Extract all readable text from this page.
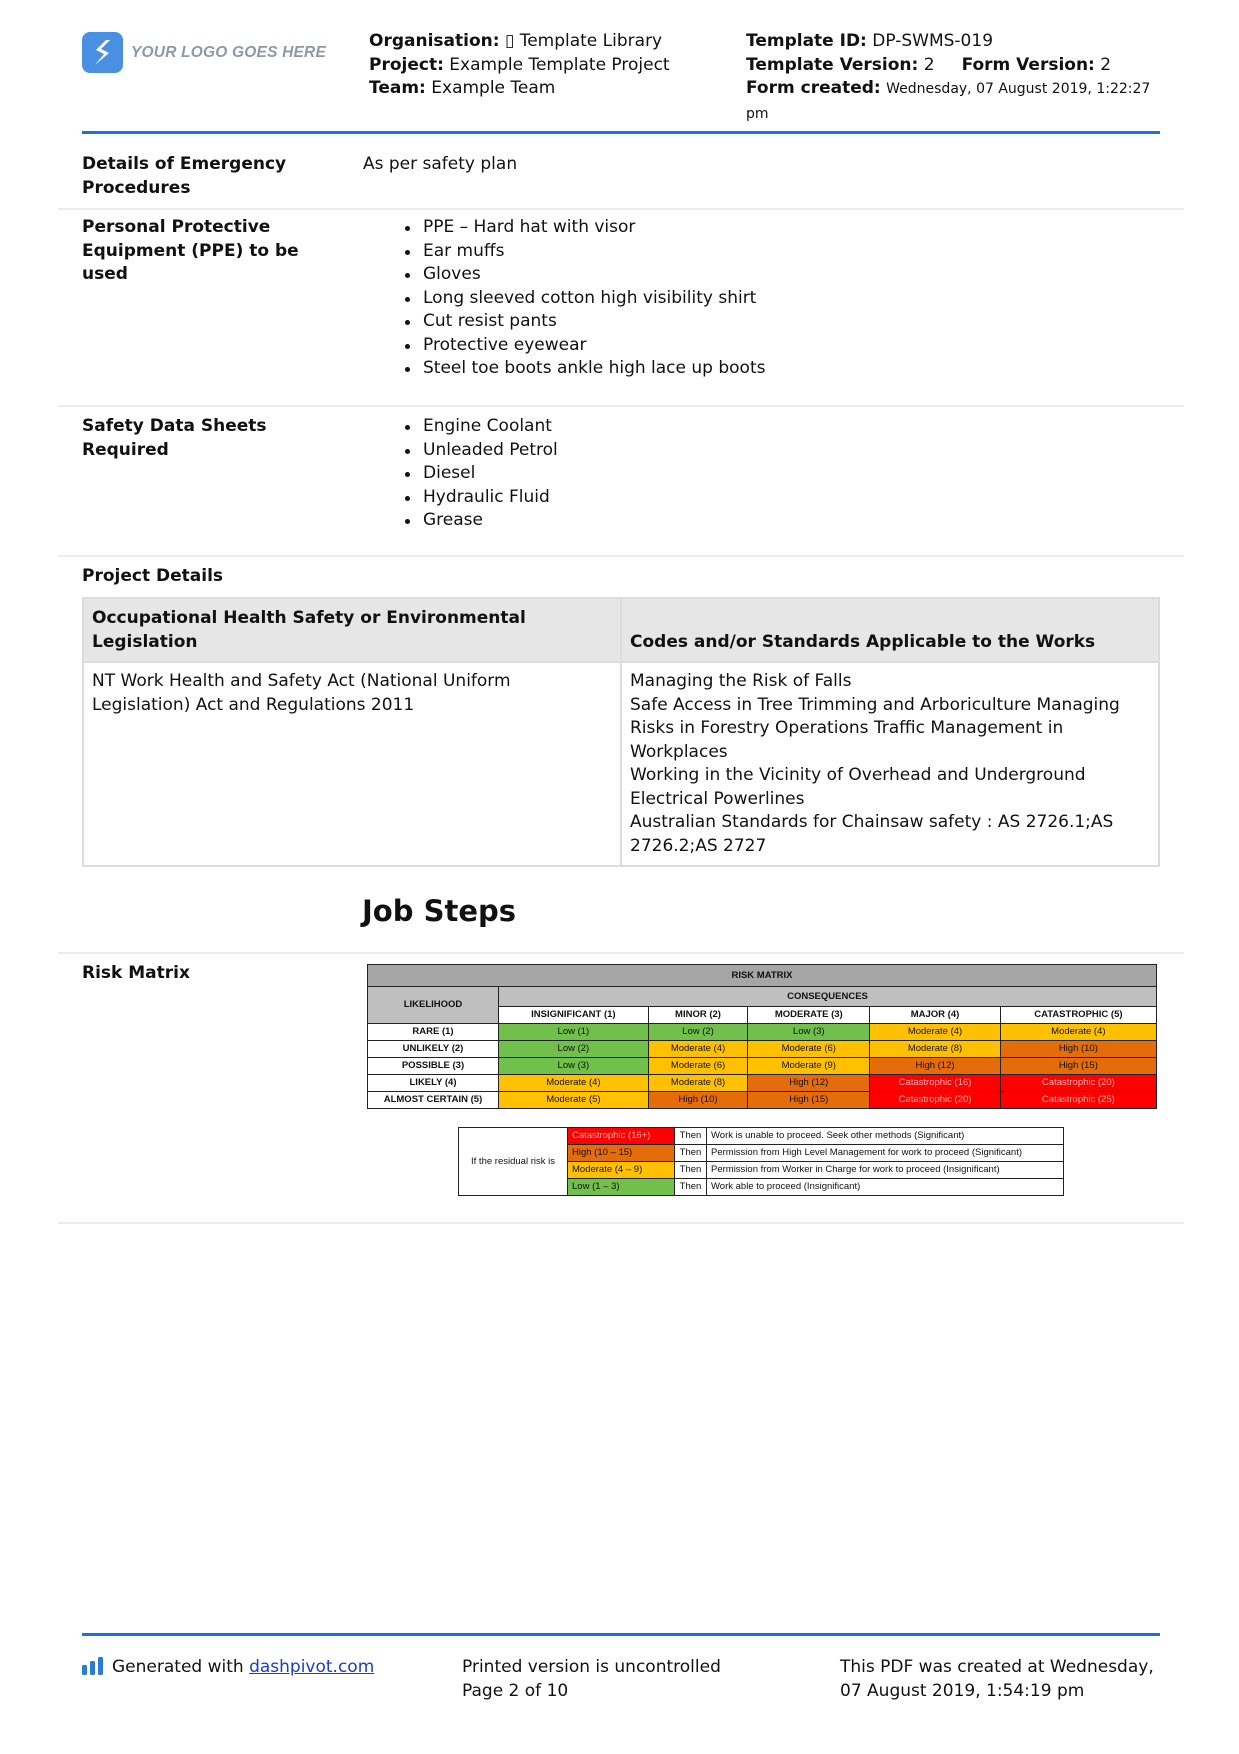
YOUR LOGO GOES HERE
Organisation: ▯ Template Library
Project: Example Template Project
Team: Example Team
Template ID: DP-SWMS-019
Template Version: 2 Form Version: 2
Form created: Wednesday, 07 August 2019, 1:22:27 pm
Details of Emergency Procedures
As per safety plan
Personal Protective Equipment (PPE) to be used
PPE – Hard hat with visor
Ear muffs
Gloves
Long sleeved cotton high visibility shirt
Cut resist pants
Protective eyewear
Steel toe boots ankle high lace up boots
Safety Data Sheets Required
Engine Coolant
Unleaded Petrol
Diesel
Hydraulic Fluid
Grease
Project Details
Occupational Health Safety or Environmental Legislation	Codes and/or Standards Applicable to the Works
NT Work Health and Safety Act (National Uniform Legislation) Act and Regulations 2011	Managing the Risk of Falls
Safe Access in Tree Trimming and Arboriculture Managing Risks in Forestry Operations Traffic Management in Workplaces
Working in the Vicinity of Overhead and Underground Electrical Powerlines
Australian Standards for Chainsaw safety : AS 2726.1;AS 2726.2;AS 2727
Job Steps
Risk Matrix	RISK MATRIX					
LIKELIHOOD	CONSEQUENCES				
	INSIGNIFICANT (1)	MINOR (2)	MODERATE (3)	MAJOR (4)	CATASTROPHIC (5)
RARE (1)	Low (1)	Low (2)	Low (3)	Moderate (4)	Moderate (4)
UNLIKELY (2)	Low (2)	Moderate (4)	Moderate (6)	Moderate (8)	High (10)
POSSIBLE (3)	Low (3)	Moderate (6)	Moderate (9)	High (12)	High (15)
LIKELY (4)	Moderate (4)	Moderate (8)	High (12)	Catastrophic (16)	Catastrophic (20)
ALMOST CERTAIN (5)	Moderate (5)	High (10)	High (15)	Catastrophic (20)	Catastrophic (25)
If the residual risk is	Catastrophic (16+)	Then	Work is unable to proceed. Seek other methods (Significant)
	High (10 – 15)	Then	Permission from High Level Management for work to proceed (Significant)
	Moderate (4 – 9)	Then	Permission from Worker in Charge for work to proceed (Insignificant)
	Low (1 – 3)	Then	Work able to proceed (Insignificant)
Generated with dashpivot.com	Printed version is uncontrolled
Page 2 of 10
This PDF was created at Wednesday, 07 August 2019, 1:54:19 pm
